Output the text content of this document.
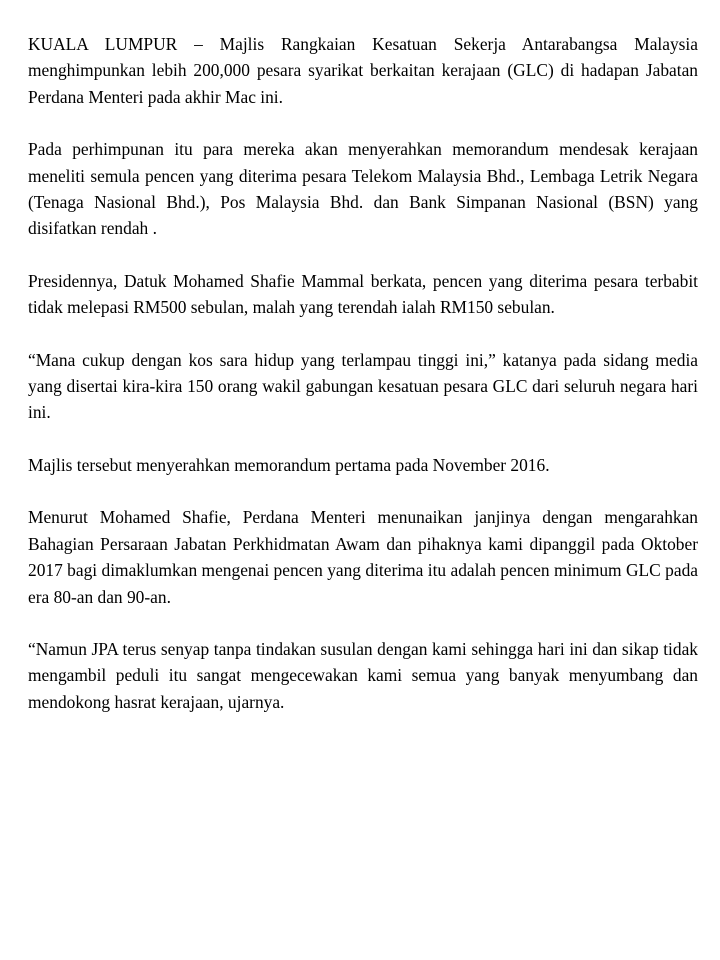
KUALA LUMPUR – Majlis Rangkaian Kesatuan Sekerja Antarabangsa Malaysia menghimpunkan lebih 200,000 pesara syarikat berkaitan kerajaan (GLC) di hadapan Jabatan Perdana Menteri pada akhir Mac ini.

Pada perhimpunan itu para mereka akan menyerahkan memorandum mendesak kerajaan meneliti semula pencen yang diterima pesara Telekom Malaysia Bhd., Lembaga Letrik Negara (Tenaga Nasional Bhd.), Pos Malaysia Bhd. dan Bank Simpanan Nasional (BSN) yang disifatkan rendah .

Presidennya, Datuk Mohamed Shafie Mammal berkata, pencen yang diterima pesara terbabit tidak melepasi RM500 sebulan, malah yang terendah ialah RM150 sebulan.

“Mana cukup dengan kos sara hidup yang terlampau tinggi ini,” katanya pada sidang media yang disertai kira-kira 150 orang wakil gabungan kesatuan pesara GLC dari seluruh negara hari ini.

Majlis tersebut menyerahkan memorandum pertama pada November 2016.

Menurut Mohamed Shafie, Perdana Menteri menunaikan janjinya dengan mengarahkan Bahagian Persaraan Jabatan Perkhidmatan Awam dan pihaknya kami dipanggil pada Oktober 2017 bagi dimaklumkan mengenai pencen yang diterima itu adalah pencen minimum GLC pada era 80-an dan 90-an.

“Namun JPA terus senyap tanpa tindakan susulan dengan kami sehingga hari ini dan sikap tidak mengambil peduli itu sangat mengecewakan kami semua yang banyak menyumbang dan mendokong hasrat kerajaan, ujarnya.
